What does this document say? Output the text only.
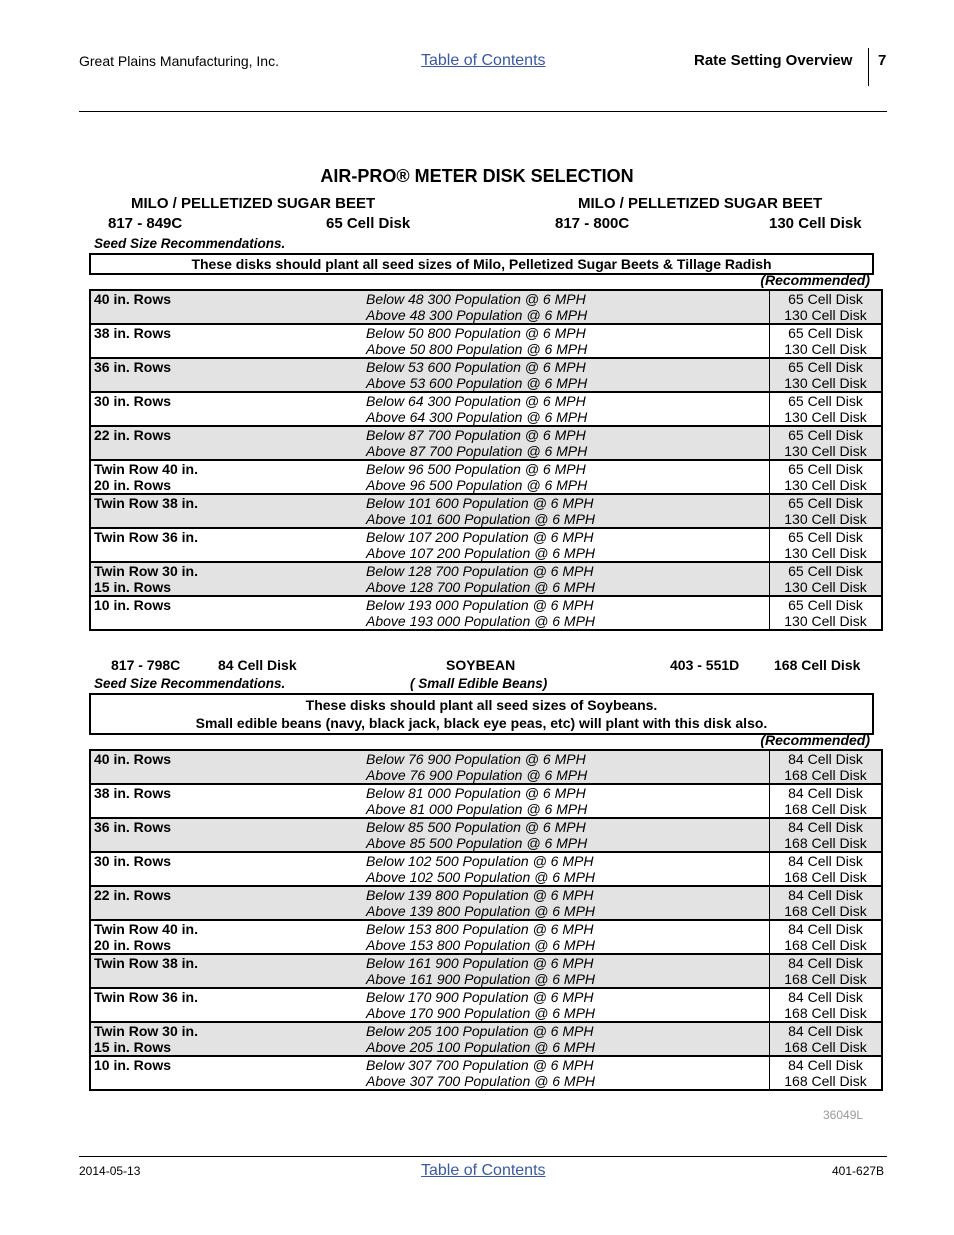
Great Plains Manufacturing, Inc.	Table of Contents	Rate Setting Overview 7
AIR-PRO® METER DISK SELECTION
MILO / PELLETIZED SUGAR BEET	MILO / PELLETIZED SUGAR BEET
817 - 849C	65 Cell Disk	817 - 800C	130 Cell Disk
Seed Size Recommendations.
These disks should plant all seed sizes of Milo, Pelletized Sugar Beets & Tillage Radish
(Recommended)
40 in. Rows	Below 48 300 Population @ 6 MPH	65 Cell Disk
	Above 48 300 Population @ 6 MPH	130 Cell Disk
38 in. Rows	Below 50 800 Population @ 6 MPH	65 Cell Disk
	Above 50 800 Population @ 6 MPH	130 Cell Disk
36 in. Rows	Below 53 600 Population @ 6 MPH	65 Cell Disk
	Above 53 600 Population @ 6 MPH	130 Cell Disk
30 in. Rows	Below 64 300 Population @ 6 MPH	65 Cell Disk
	Above 64 300 Population @ 6 MPH	130 Cell Disk
22 in. Rows	Below 87 700 Population @ 6 MPH	65 Cell Disk
	Above 87 700 Population @ 6 MPH	130 Cell Disk
Twin Row 40 in.	Below 96 500 Population @ 6 MPH	65 Cell Disk
20 in. Rows	Above 96 500 Population @ 6 MPH	130 Cell Disk
Twin Row 38 in.	Below 101 600 Population @ 6 MPH	65 Cell Disk
	Above 101 600 Population @ 6 MPH	130 Cell Disk
Twin Row 36 in.	Below 107 200 Population @ 6 MPH	65 Cell Disk
	Above 107 200 Population @ 6 MPH	130 Cell Disk
Twin Row 30 in.	Below 128 700 Population @ 6 MPH	65 Cell Disk
15 in. Rows	Above 128 700 Population @ 6 MPH	130 Cell Disk
10 in. Rows	Below 193 000 Population @ 6 MPH	65 Cell Disk
	Above 193 000 Population @ 6 MPH	130 Cell Disk
817 - 798C	84 Cell Disk	SOYBEAN	403 - 551D 168 Cell Disk
Seed Size Recommendations.	( Small Edible Beans)
These disks should plant all seed sizes of Soybeans.
Small edible beans (navy, black jack, black eye peas, etc) will plant with this disk also.
(Recommended)
40 in. Rows	Below 76 900 Population @ 6 MPH	84 Cell Disk
	Above 76 900 Population @ 6 MPH	168 Cell Disk
38 in. Rows	Below 81 000 Population @ 6 MPH	84 Cell Disk
	Above 81 000 Population @ 6 MPH	168 Cell Disk
36 in. Rows	Below 85 500 Population @ 6 MPH	84 Cell Disk
	Above 85 500 Population @ 6 MPH	168 Cell Disk
30 in. Rows	Below 102 500 Population @ 6 MPH	84 Cell Disk
	Above 102 500 Population @ 6 MPH	168 Cell Disk
22 in. Rows	Below 139 800 Population @ 6 MPH	84 Cell Disk
	Above 139 800 Population @ 6 MPH	168 Cell Disk
Twin Row 40 in.	Below 153 800 Population @ 6 MPH	84 Cell Disk
20 in. Rows	Above 153 800 Population @ 6 MPH	168 Cell Disk
Twin Row 38 in.	Below 161 900 Population @ 6 MPH	84 Cell Disk
	Above 161 900 Population @ 6 MPH	168 Cell Disk
Twin Row 36 in.	Below 170 900 Population @ 6 MPH	84 Cell Disk
	Above 170 900 Population @ 6 MPH	168 Cell Disk
Twin Row 30 in.	Below 205 100 Population @ 6 MPH	84 Cell Disk
15 in. Rows	Above 205 100 Population @ 6 MPH	168 Cell Disk
10 in. Rows	Below 307 700 Population @ 6 MPH	84 Cell Disk
	Above 307 700 Population @ 6 MPH	168 Cell Disk
36049L
2014-05-13	Table of Contents	401-627B
